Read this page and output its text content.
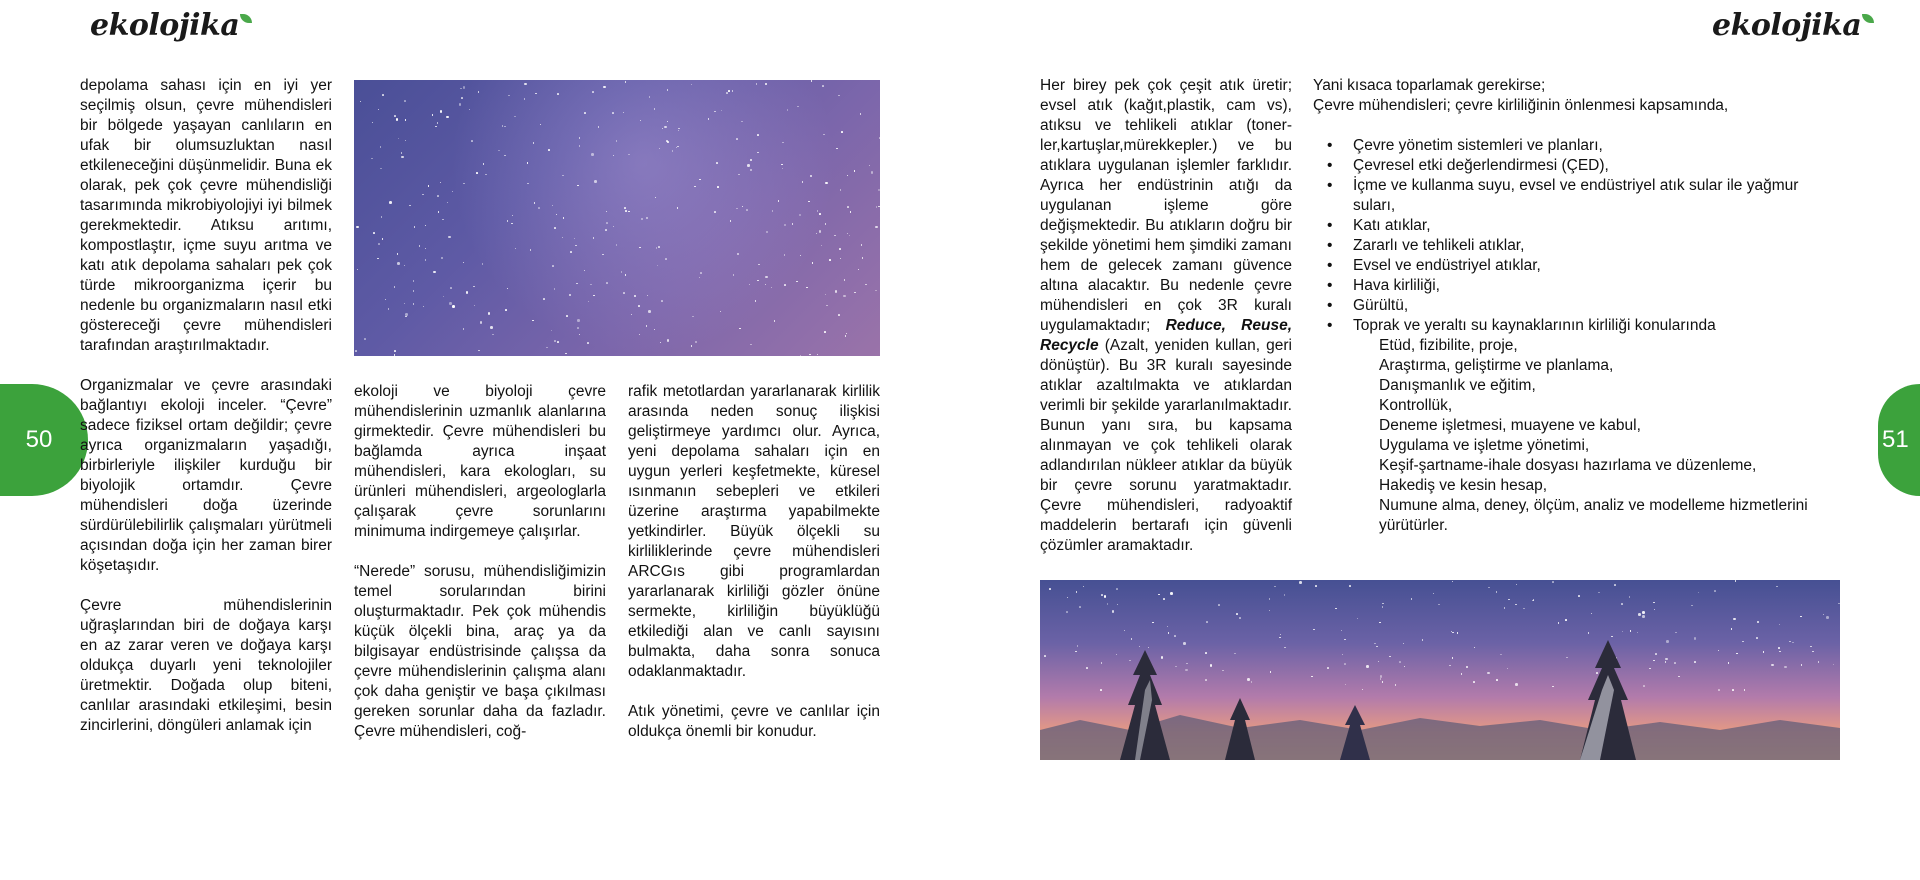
ekolojika	ekolojika
50	51

depolama sahası için en iyi yer seçilmiş olsun, çevre mühendisleri bir bölgede yaşayan canlıların en ufak bir olumsuzluktan nasıl etkileneceğini düşünmelidir. Buna ek olarak, pek çok çevre mühendisliği tasarımında mikrobiyolojiyi iyi bilmek gerekmektedir. Atıksu arıtımı, kompostlaştır, içme suyu arıtma ve katı atık depolama sahaları pek çok türde mikroorganizma içerir bu nedenle bu organizmaların nasıl etki göstereceği çevre mühendisleri tarafından araştırılmaktadır.

Organizmalar ve çevre arasındaki bağlantıyı ekoloji inceler. “Çevre” sadece fiziksel ortam değildir; çevre ayrıca organizmaların yaşadığı, birbirleriyle ilişkiler kurduğu bir biyolojik ortamdır. Çevre mühendisleri doğa üzerinde sürdürülebilirlik çalışmaları yürütmeli açısından doğa için her zaman birer köşetaşıdır.

Çevre mühendislerinin uğraşlarından biri de doğaya karşı en az zarar veren ve doğaya karşı oldukça duyarlı yeni teknolojiler üretmektir. Doğada olup biteni, canlılar arasındaki etkileşimi, besin zincirlerini, döngüleri anlamak için

ekoloji ve biyoloji çevre mühendislerinin uzmanlık alanlarına girmektedir. Çevre mühendisleri bu bağlamda ayrıca inşaat mühendisleri, kara ekologları, su ürünleri mühendisleri, argeologlarla çalışarak çevre sorunlarını minimuma indirgemeye çalışırlar.

“Nerede” sorusu, mühendisliğimizin temel sorularından birini oluşturmaktadır. Pek çok mühendis küçük ölçekli bina, araç ya da bilgisayar endüstrisinde çalışsa da çevre mühendislerinin çalışma alanı çok daha geniştir ve başa çıkılması gereken sorunlar daha da fazladır. Çevre mühendisleri, coğ-

rafik metotlardan yararlanarak kirlilik arasında neden sonuç ilişkisi geliştirmeye yardımcı olur. Ayrıca, yeni depolama sahaları için en uygun yerleri keşfetmekte, küresel ısınmanın sebepleri ve etkileri üzerine araştırma yapabilmekte yetkindirler. Büyük ölçekli su kirliliklerinde çevre mühendisleri ARCGıs gibi programlardan yararlanarak kirliliği gözler önüne sermekte, kirliliğin büyüklüğü etkilediği alan ve canlı sayısını bulmakta, daha sonra sonuca odaklanmaktadır.

Atık yönetimi, çevre ve canlılar için oldukça önemli bir konudur.

Her birey pek çok çeşit atık üretir; evsel atık (kağıt,plastik, cam vs), atıksu ve tehlikeli atıklar (toner-ler,kartuşlar,mürekkepler.) ve bu atıklara uygulanan işlemler farklıdır. Ayrıca her endüstrinin atığı da uygulanan işleme göre değişmektedir. Bu atıkların doğru bir şekilde yönetimi hem şimdiki zamanı hem de gelecek zamanı güvence altına alacaktır. Bu nedenle çevre mühendisleri en çok 3R kuralı uygulamaktadır; Reduce, Reuse, Recycle (Azalt, yeniden kullan, geri dönüştür). Bu 3R kuralı sayesinde atıklar azaltılmakta ve atıklardan verimli bir şekilde yararlanılmaktadır. Bunun yanı sıra, bu kapsama alınmayan ve çok tehlikeli olarak adlandırılan nükleer atıklar da büyük bir çevre sorunu yaratmaktadır. Çevre mühendisleri, radyoaktif maddelerin bertarafı için güvenli çözümler aramaktadır.

Yani kısaca toparlamak gerekirse;

Çevre mühendisleri; çevre kirliliğinin önlenmesi kapsamında,

• Çevre yönetim sistemleri ve planları,
• Çevresel etki değerlendirmesi (ÇED),
• İçme ve kullanma suyu, evsel ve endüstriyel atık sular ile yağmur suları,
• Katı atıklar,
• Zararlı ve tehlikeli atıklar,
• Evsel ve endüstriyel atıklar,
• Hava kirliliği,
• Gürültü,
• Toprak ve yeraltı su kaynaklarının kirliliği konularında
Etüd, fizibilite, proje,
Araştırma, geliştirme ve planlama,
Danışmanlık ve eğitim,
Kontrollük,
Deneme işletmesi, muayene ve kabul,
Uygulama ve işletme yönetimi,
Keşif-şartname-ihale dosyası hazırlama ve düzenleme,
Hakediş ve kesin hesap,
Numune alma, deney, ölçüm, analiz ve modelleme hizmetlerini yürütürler.
